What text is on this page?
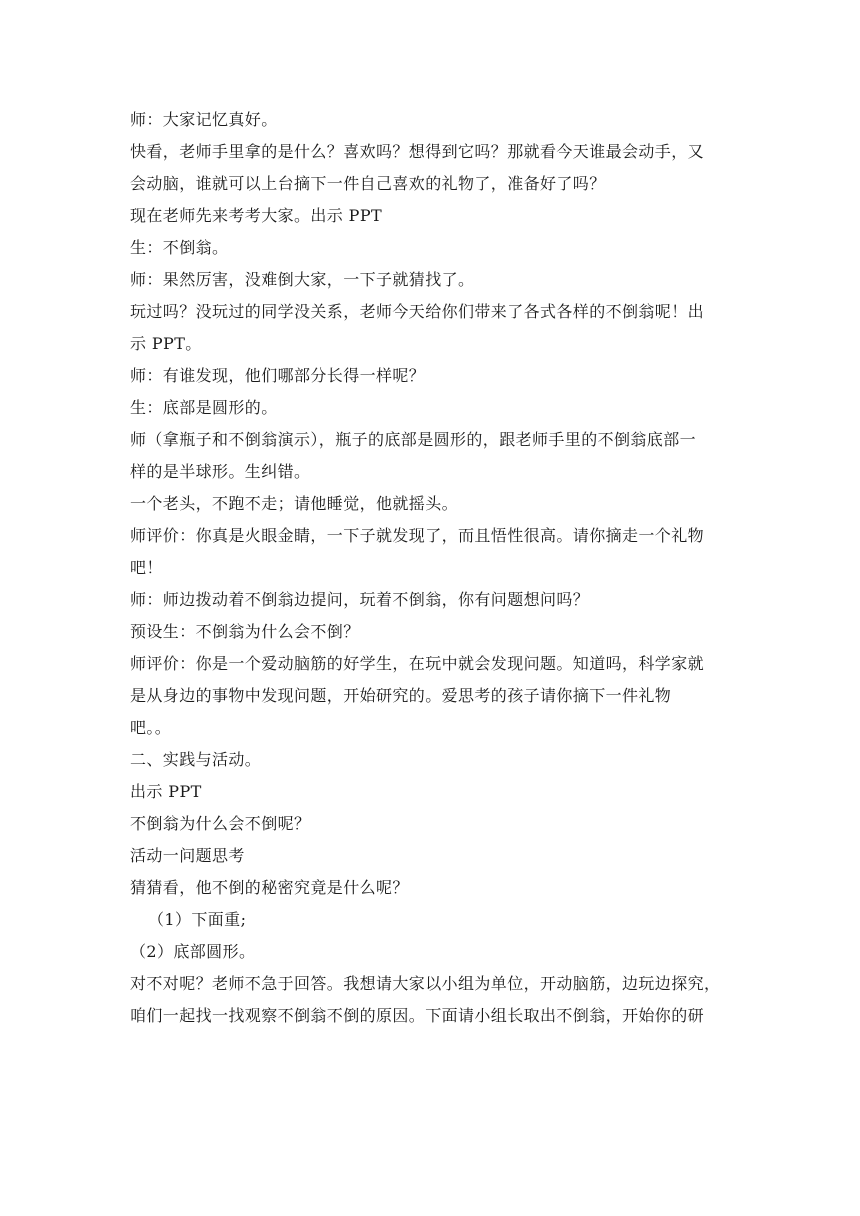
师：大家记忆真好。
快看，老师手里拿的是什么？喜欢吗？想得到它吗？那就看今天谁最会动手，又
会动脑，谁就可以上台摘下一件自己喜欢的礼物了，准备好了吗？
现在老师先来考考大家。出示 PPT
生：不倒翁。
师：果然厉害，没难倒大家，一下子就猜找了。
玩过吗？没玩过的同学没关系，老师今天给你们带来了各式各样的不倒翁呢！出
示 PPT。
师：有谁发现，他们哪部分长得一样呢？
生：底部是圆形的。
师（拿瓶子和不倒翁演示），瓶子的底部是圆形的，跟老师手里的不倒翁底部一
样的是半球形。生纠错。
一个老头，不跑不走；请他睡觉，他就摇头。
师评价：你真是火眼金睛，一下子就发现了，而且悟性很高。请你摘走一个礼物
吧！
师：师边拨动着不倒翁边提问，玩着不倒翁，你有问题想问吗？
预设生：不倒翁为什么会不倒？
师评价：你是一个爱动脑筋的好学生，在玩中就会发现问题。知道吗，科学家就
是从身边的事物中发现问题，开始研究的。爱思考的孩子请你摘下一件礼物
吧。。
二、实践与活动。
出示 PPT
不倒翁为什么会不倒呢？
活动一问题思考
猜猜看，他不倒的秘密究竟是什么呢？
（1）下面重;
（2）底部圆形。
对不对呢？老师不急于回答。我想请大家以小组为单位，开动脑筋，边玩边探究，
咱们一起找一找观察不倒翁不倒的原因。下面请小组长取出不倒翁，开始你的研
